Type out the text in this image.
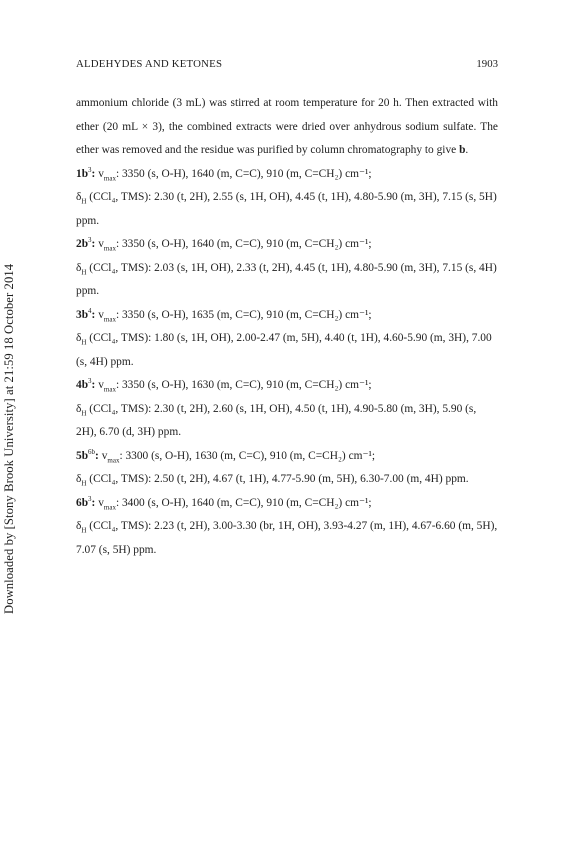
Downloaded by [Stony Brook University] at 21:59 18 October 2014
ALDEHYDES AND KETONES	1903
ammonium chloride (3 mL) was stirred at room temperature for 20 h. Then extracted with ether (20 mL × 3), the combined extracts were dried over anhydrous sodium sulfate. The ether was removed and the residue was purified by column chromatography to give b.
$1b^3$: $v_{max}$: 3350 (s, O-H), 1640 (m, C=C), 910 (m, C=CH₂) cm⁻¹;
$\delta_H$ (CCl₄, TMS): 2.30 (t, 2H), 2.55 (s, 1H, OH), 4.45 (t, 1H), 4.80-5.90 (m, 3H), 7.15 (s, 5H) ppm.
$2b^3$: $v_{max}$: 3350 (s, O-H), 1640 (m, C=C), 910 (m, C=CH₂) cm⁻¹;
$\delta_H$ (CCl₄, TMS): 2.03 (s, 1H, OH), 2.33 (t, 2H), 4.45 (t, 1H), 4.80-5.90 (m, 3H), 7.15 (s, 4H) ppm.
$3b^4$: $v_{max}$: 3350 (s, O-H), 1635 (m, C=C), 910 (m, C=CH₂) cm⁻¹;
$\delta_H$ (CCl₄, TMS): 1.80 (s, 1H, OH), 2.00-2.47 (m, 5H), 4.40 (t, 1H), 4.60-5.90 (m, 3H), 7.00 (s, 4H) ppm.
$4b^3$: $v_{max}$: 3350 (s, O-H), 1630 (m, C=C), 910 (m, C=CH₂) cm⁻¹;
$\delta_H$ (CCl₄, TMS): 2.30 (t, 2H), 2.60 (s, 1H, OH), 4.50 (t, 1H), 4.90-5.80 (m, 3H), 5.90 (s, 2H), 6.70 (d, 3H) ppm.
$5b^{6b}$: $v_{max}$: 3300 (s, O-H), 1630 (m, C=C), 910 (m, C=CH₂) cm⁻¹;
$\delta_H$ (CCl₄, TMS): 2.50 (t, 2H), 4.67 (t, 1H), 4.77-5.90 (m, 5H), 6.30-7.00 (m, 4H) ppm.
$6b^3$: $v_{max}$: 3400 (s, O-H), 1640 (m, C=C), 910 (m, C=CH₂) cm⁻¹;
$\delta_H$ (CCl₄, TMS): 2.23 (t, 2H), 3.00-3.30 (br, 1H, OH), 3.93-4.27 (m, 1H), 4.67-6.60 (m, 5H), 7.07 (s, 5H) ppm.
